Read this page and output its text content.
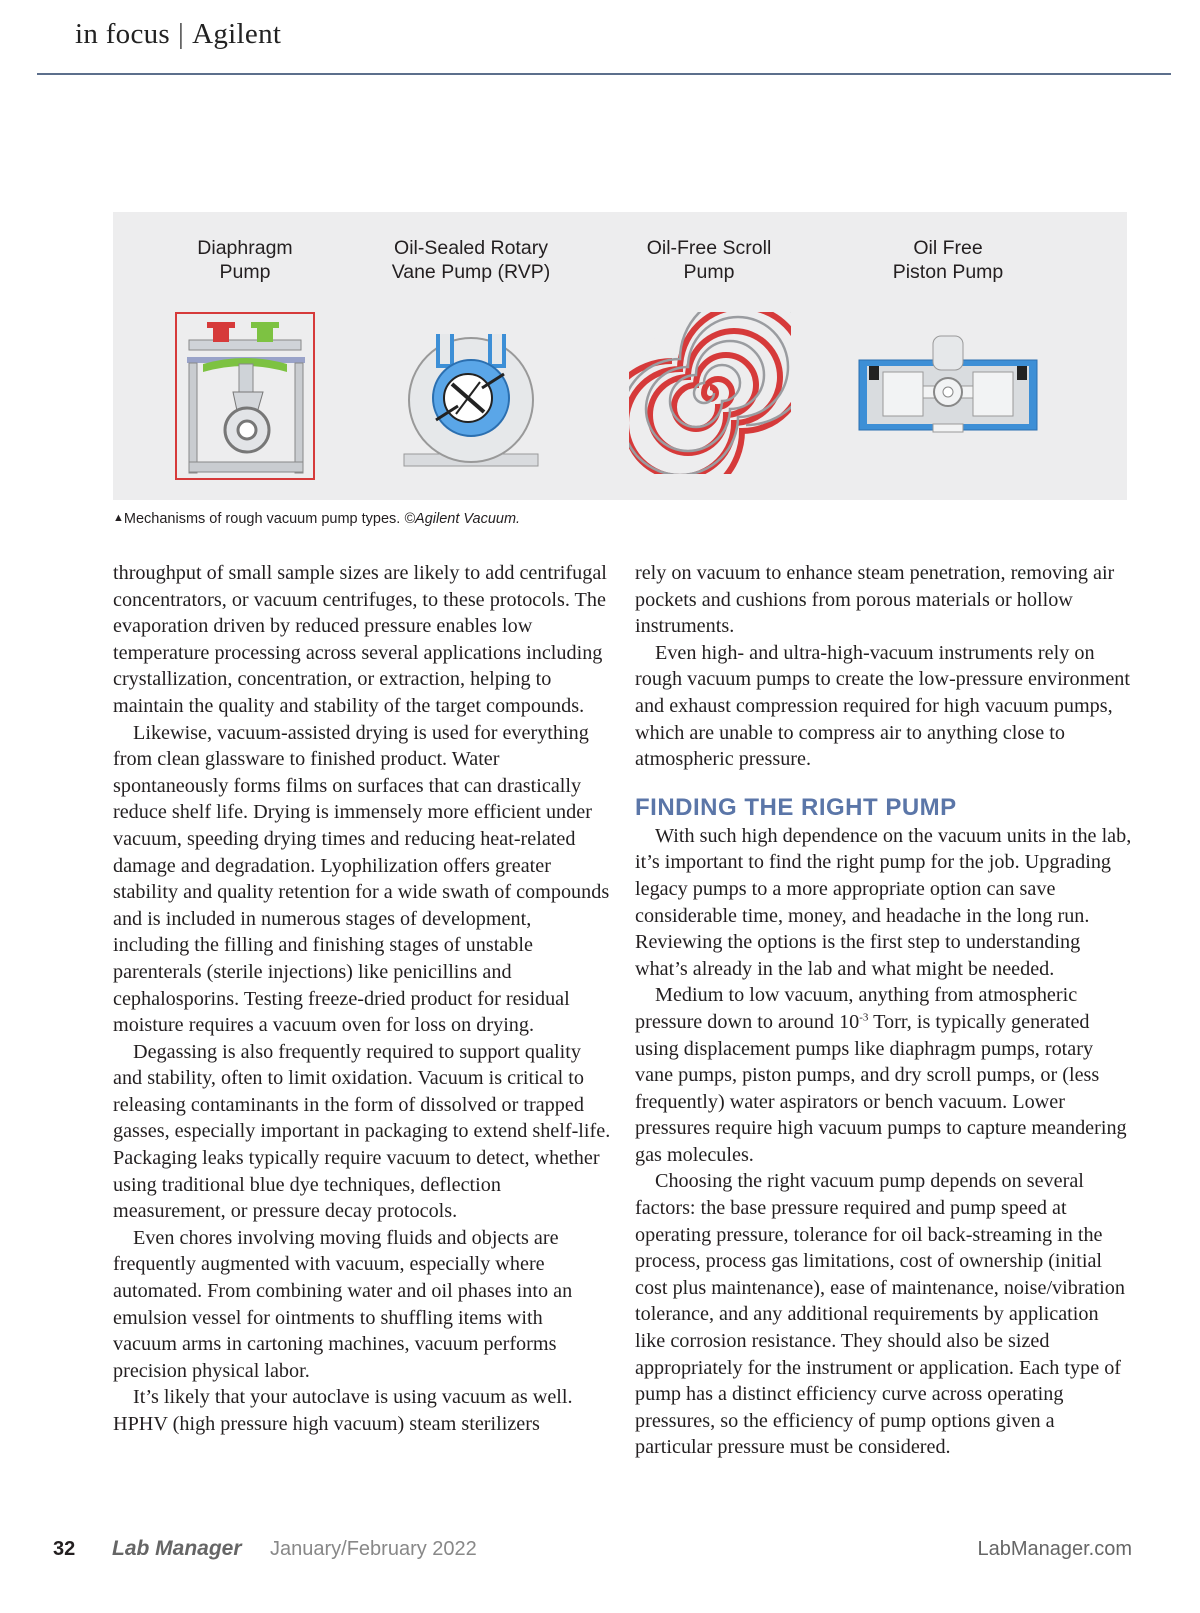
in focus | Agilent
Diaphragm
Pump
Oil-Sealed Rotary
Vane Pump (RVP)
Oil-Free Scroll
Pump
Oil Free
Piston Pump
▲Mechanisms of rough vacuum pump types. ©Agilent Vacuum.

throughput of small sample sizes are likely to add centrifugal concentrators, or vacuum centrifuges, to these protocols. The evaporation driven by reduced pressure enables low temperature processing across several applications including crystallization, concentration, or extraction, helping to maintain the quality and stability of the target compounds.

Likewise, vacuum-assisted drying is used for everything from clean glassware to finished product. Water spontaneously forms films on surfaces that can drastically reduce shelf life. Drying is immensely more efficient under vacuum, speeding drying times and reducing heat-related damage and degradation. Lyophilization offers greater stability and quality retention for a wide swath of compounds and is included in numerous stages of development, including the filling and finishing stages of unstable parenterals (sterile injections) like penicillins and cephalosporins. Testing freeze-dried product for residual moisture requires a vacuum oven for loss on drying.

Degassing is also frequently required to support quality and stability, often to limit oxidation. Vacuum is critical to releasing contaminants in the form of dissolved or trapped gasses, especially important in packaging to extend shelf-life. Packaging leaks typically require vacuum to detect, whether using traditional blue dye techniques, deflection measurement, or pressure decay protocols.

Even chores involving moving fluids and objects are frequently augmented with vacuum, especially where automated. From combining water and oil phases into an emulsion vessel for ointments to shuffling items with vacuum arms in cartoning machines, vacuum performs precision physical labor.

It’s likely that your autoclave is using vacuum as well. HPHV (high pressure high vacuum) steam sterilizers

rely on vacuum to enhance steam penetration, removing air pockets and cushions from porous materials or hollow instruments.

Even high- and ultra-high-vacuum instruments rely on rough vacuum pumps to create the low-pressure environment and exhaust compression required for high vacuum pumps, which are unable to compress air to anything close to atmospheric pressure.

FINDING THE RIGHT PUMP

With such high dependence on the vacuum units in the lab, it’s important to find the right pump for the job. Upgrading legacy pumps to a more appropriate option can save considerable time, money, and headache in the long run. Reviewing the options is the first step to understanding what’s already in the lab and what might be needed.

Medium to low vacuum, anything from atmospheric pressure down to around $10^{-3}$ Torr, is typically generated using displacement pumps like diaphragm pumps, rotary vane pumps, piston pumps, and dry scroll pumps, or (less frequently) water aspirators or bench vacuum. Lower pressures require high vacuum pumps to capture meandering gas molecules.

Choosing the right vacuum pump depends on several factors: the base pressure required and pump speed at operating pressure, tolerance for oil back-streaming in the process, process gas limitations, cost of ownership (initial cost plus maintenance), ease of maintenance, noise/vibration tolerance, and any additional requirements by application like corrosion resistance. They should also be sized appropriately for the instrument or application. Each type of pump has a distinct efficiency curve across operating pressures, so the efficiency of pump options given a particular pressure must be considered.

32 Lab Manager January/February 2022	LabManager.com
